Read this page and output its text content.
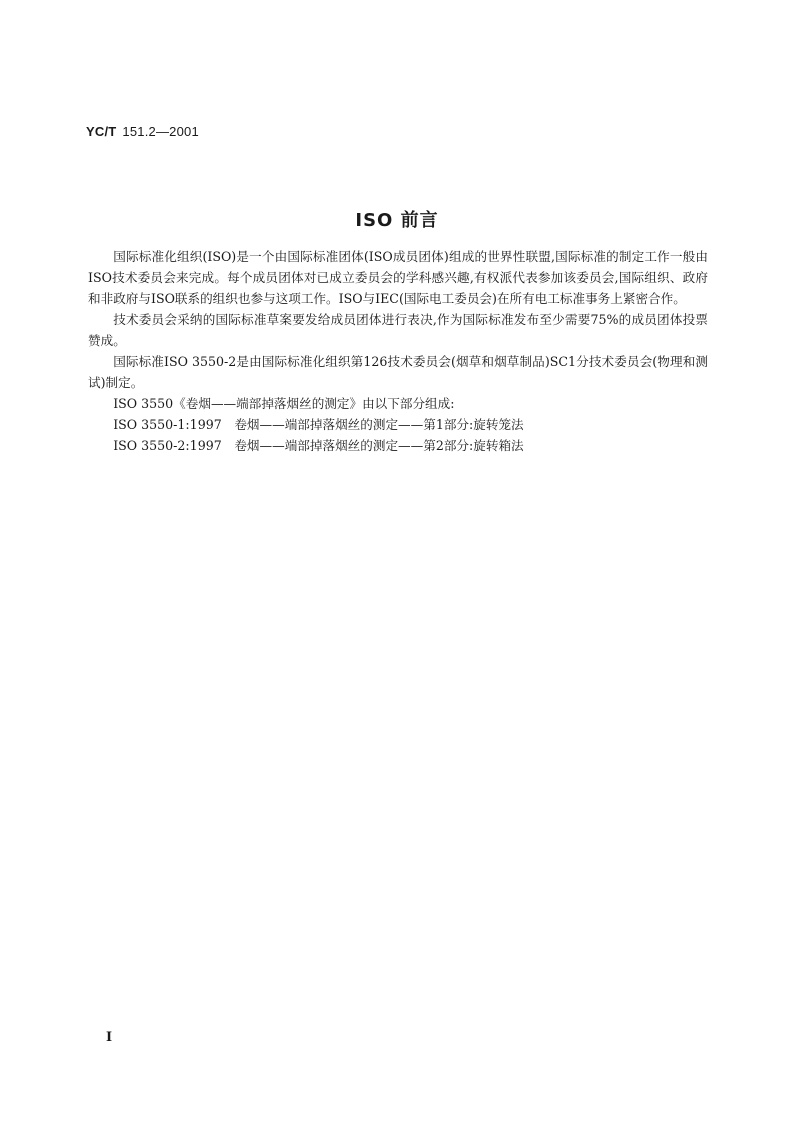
YC/T 151.2—2001
ISO 前言

国际标准化组织(ISO)是一个由国际标准团体(ISO成员团体)组成的世界性联盟,国际标准的制定工作一般由ISO技术委员会来完成。每个成员团体对已成立委员会的学科感兴趣,有权派代表参加该委员会,国际组织、政府和非政府与ISO联系的组织也参与这项工作。ISO与IEC(国际电工委员会)在所有电工标准事务上紧密合作。

技术委员会采纳的国际标准草案要发给成员团体进行表决,作为国际标准发布至少需要75%的成员团体投票赞成。

国际标准ISO 3550-2是由国际标准化组织第126技术委员会(烟草和烟草制品)SC1分技术委员会(物理和测试)制定。

ISO 3550《卷烟——端部掉落烟丝的测定》由以下部分组成:

ISO 3550-1:1997　卷烟——端部掉落烟丝的测定——第1部分:旋转笼法

ISO 3550-2:1997　卷烟——端部掉落烟丝的测定——第2部分:旋转箱法

I
